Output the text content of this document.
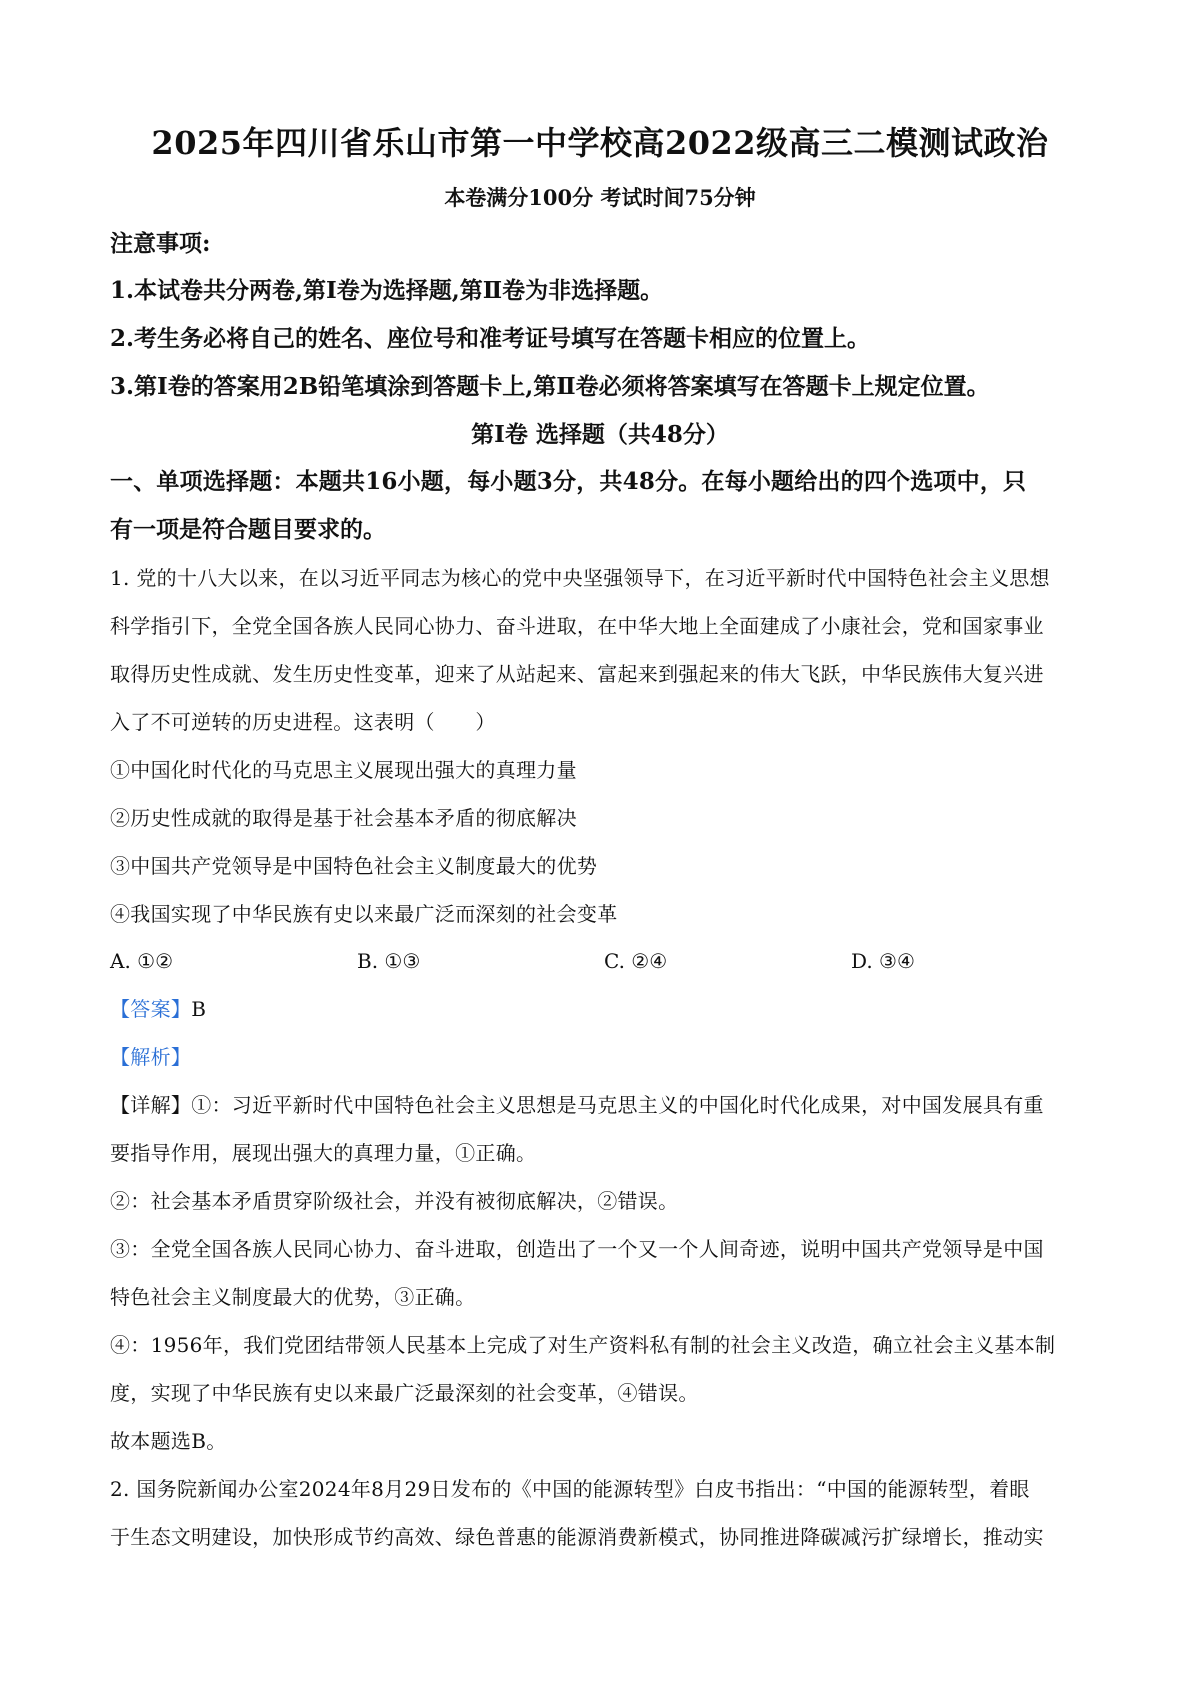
2025年四川省乐山市第一中学校高2022级高三二模测试政治
本卷满分100分 考试时间75分钟
注意事项:
1.本试卷共分两卷,第Ⅰ卷为选择题,第Ⅱ卷为非选择题。
2.考生务必将自己的姓名、座位号和准考证号填写在答题卡相应的位置上。
3.第Ⅰ卷的答案用2B铅笔填涂到答题卡上,第Ⅱ卷必须将答案填写在答题卡上规定位置。
第Ⅰ卷 选择题（共48分）
一、单项选择题：本题共16小题，每小题3分，共48分。在每小题给出的四个选项中，只
有一项是符合题目要求的。
1. 党的十八大以来，在以习近平同志为核心的党中央坚强领导下，在习近平新时代中国特色社会主义思想
科学指引下，全党全国各族人民同心协力、奋斗进取，在中华大地上全面建成了小康社会，党和国家事业
取得历史性成就、发生历史性变革，迎来了从站起来、富起来到强起来的伟大飞跃，中华民族伟大复兴进
入了不可逆转的历史进程。这表明（　　）
①中国化时代化的马克思主义展现出强大的真理力量
②历史性成就的取得是基于社会基本矛盾的彻底解决
③中国共产党领导是中国特色社会主义制度最大的优势
④我国实现了中华民族有史以来最广泛而深刻的社会变革
A. ①②	B. ①③	C. ②④	D. ③④
【答案】B
【解析】
【详解】①：习近平新时代中国特色社会主义思想是马克思主义的中国化时代化成果，对中国发展具有重
要指导作用，展现出强大的真理力量，①正确。
②：社会基本矛盾贯穿阶级社会，并没有被彻底解决，②错误。
③：全党全国各族人民同心协力、奋斗进取，创造出了一个又一个人间奇迹，说明中国共产党领导是中国
特色社会主义制度最大的优势，③正确。
④：1956年，我们党团结带领人民基本上完成了对生产资料私有制的社会主义改造，确立社会主义基本制
度，实现了中华民族有史以来最广泛最深刻的社会变革，④错误。
故本题选B。
2. 国务院新闻办公室2024年8月29日发布的《中国的能源转型》白皮书指出：“中国的能源转型，着眼
于生态文明建设，加快形成节约高效、绿色普惠的能源消费新模式，协同推进降碳减污扩绿增长，推动实
